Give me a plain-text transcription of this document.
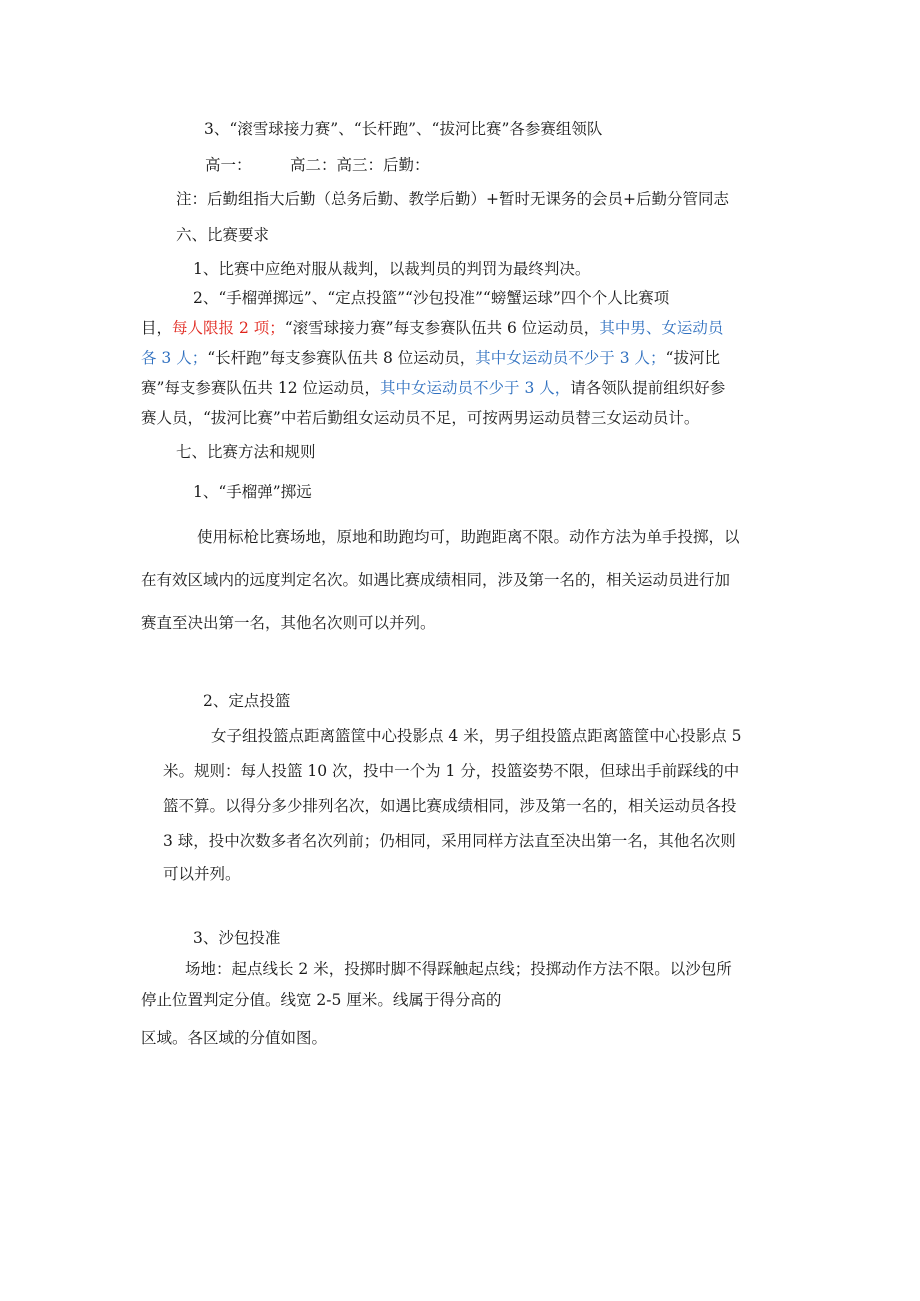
3、“滚雪球接力赛”、“长杆跑”、“拔河比赛”各参赛组领队
高一： 高二：高三：后勤：
注：后勤组指大后勤（总务后勤、教学后勤）+暂时无课务的会员+后勤分管同志
六、比赛要求
1、比赛中应绝对服从裁判，以裁判员的判罚为最终判决。
2、“手榴弹掷远”、“定点投篮”“沙包投准”“螃蟹运球”四个个人比赛项
目，每人限报 2 项；“滚雪球接力赛”每支参赛队伍共 6 位运动员，其中男、女运动员
各 3 人；“长杆跑”每支参赛队伍共 8 位运动员，其中女运动员不少于 3 人；“拔河比
赛”每支参赛队伍共 12 位运动员，其中女运动员不少于 3 人，请各领队提前组织好参
赛人员，“拔河比赛”中若后勤组女运动员不足，可按两男运动员替三女运动员计。
七、比赛方法和规则
1、“手榴弹”掷远
使用标枪比赛场地，原地和助跑均可，助跑距离不限。动作方法为单手投掷，以
在有效区域内的远度判定名次。如遇比赛成绩相同，涉及第一名的，相关运动员进行加
赛直至决出第一名，其他名次则可以并列。
2、定点投篮
女子组投篮点距离篮筐中心投影点 4 米，男子组投篮点距离篮筐中心投影点 5
米。规则：每人投篮 10 次，投中一个为 1 分，投篮姿势不限，但球出手前踩线的中
篮不算。以得分多少排列名次，如遇比赛成绩相同，涉及第一名的，相关运动员各投
3 球，投中次数多者名次列前；仍相同，采用同样方法直至决出第一名，其他名次则
可以并列。
3、沙包投准
场地：起点线长 2 米，投掷时脚不得踩触起点线；投掷动作方法不限。以沙包所
停止位置判定分值。线宽 2-5 厘米。线属于得分高的
区域。各区域的分值如图。
